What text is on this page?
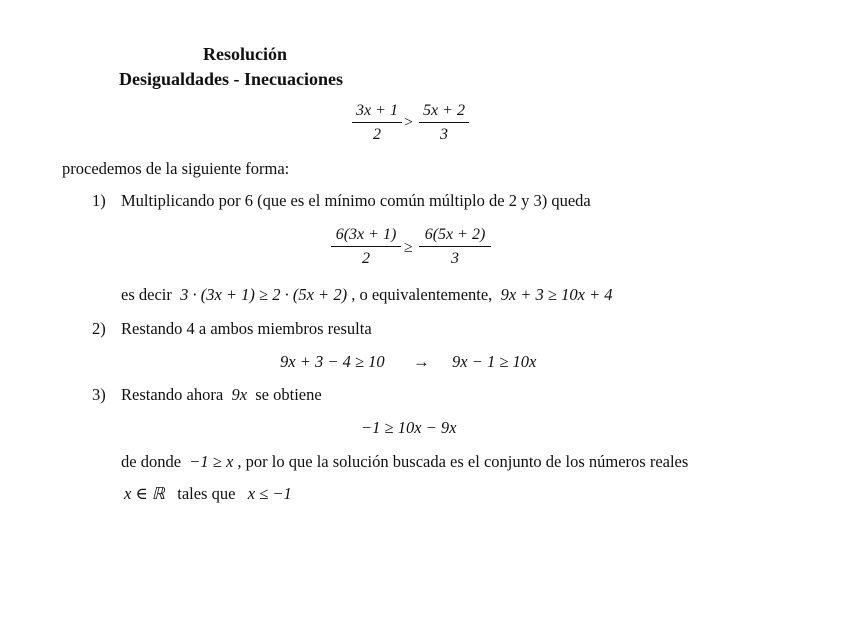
Resolución
Desigualdades - Inecuaciones
$\frac{3x + 1}{2} > \frac{5x + 2}{3}$
procedemos de la siguiente forma:
1) Multiplicando por 6 (que es el mínimo común múltiplo de 2 y 3) queda
$\frac{6(3x + 1)}{2} \ge \frac{6(5x + 2)}{3}$
es decir 3 · (3x + 1) ≥ 2 · (5x + 2) , o equivalentemente, 9x + 3 ≥ 10x + 4
2) Restando 4 a ambos miembros resulta
9x + 3 − 4 ≥ 10 → 9x − 1 ≥ 10x
3) Restando ahora 9x se obtiene
−1 ≥ 10x − 9x
de donde −1 ≥ x , por lo que la solución buscada es el conjunto de los números reales
x ∈ ℝ tales que x ≤ −1
